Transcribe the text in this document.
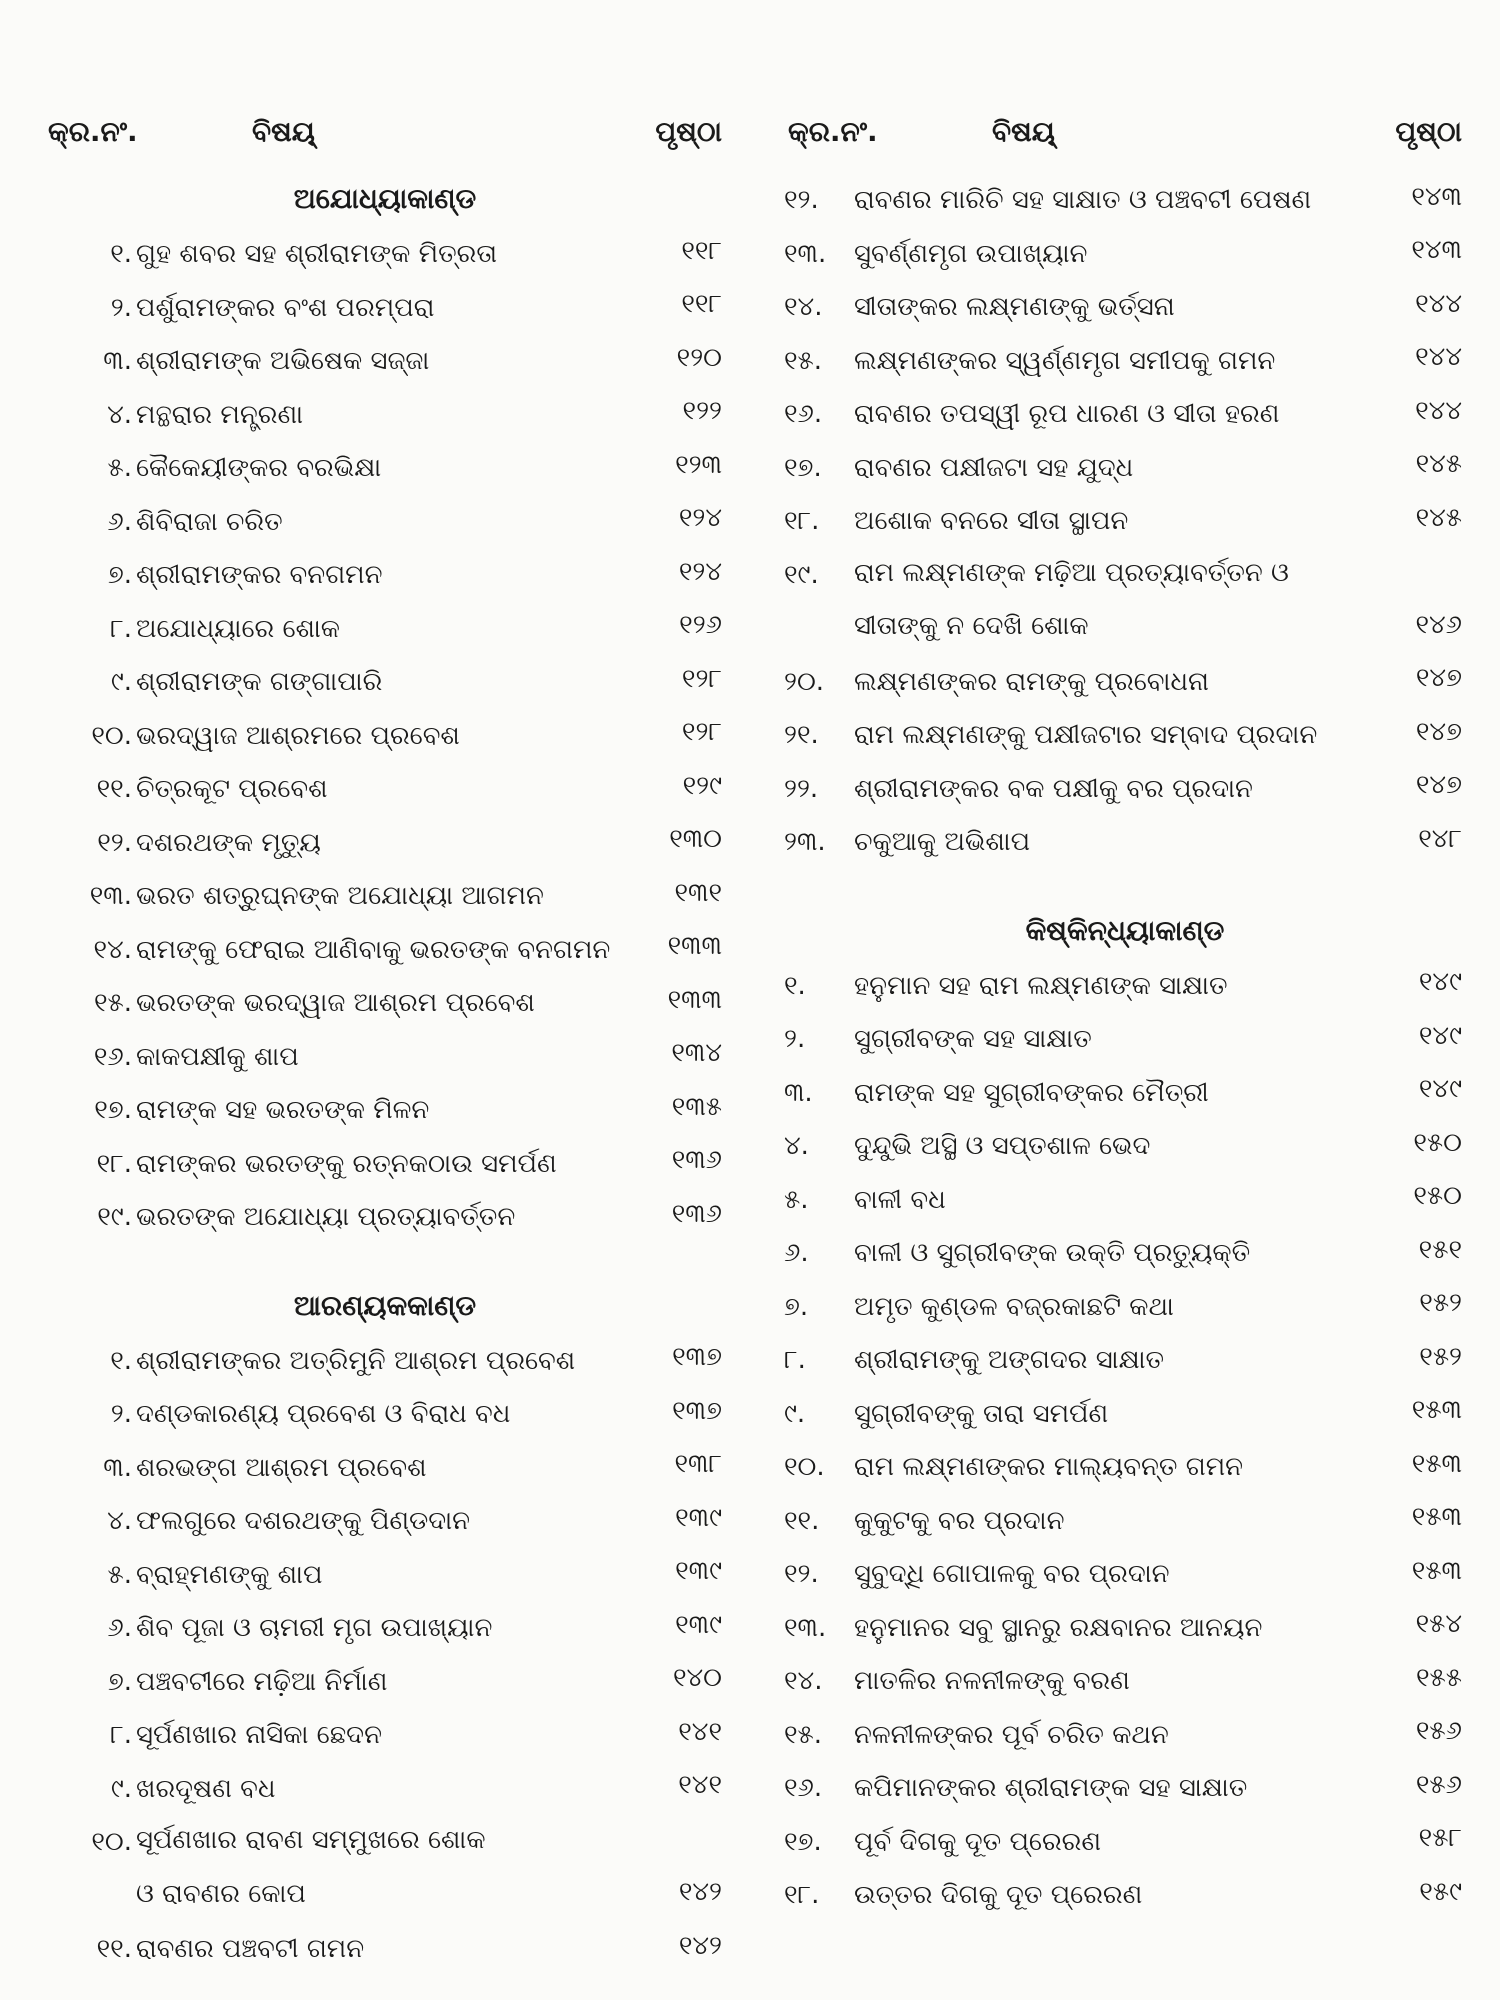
କ୍ର.ନଂ.	ବିଷୟ୍	ପୃଷ୍ଠା
ଅଯୋଧ୍ୟାକାଣ୍ଡ
୧. ଗୁହ ଶବର ସହ ଶ୍ରୀରାମଙ୍କ ମିତ୍ରତା	୧୧୮
୨. ପର୍ଶୁରାମଙ୍କର ବଂଶ ପରମ୍ପରା	୧୧୮
୩. ଶ୍ରୀରାମଙ୍କ ଅଭିଷେକ ସଜ୍ଜା	୧୨୦
୪. ମନ୍ଥରାର ମନ୍ତ୍ରଣା	୧୨୨
୫. କୈକେୟୀଙ୍କର ବରଭିକ୍ଷା	୧୨୩
୬. ଶିବିରାଜା ଚରିତ	୧୨୪
୭. ଶ୍ରୀରାମଙ୍କର ବନଗମନ	୧୨୪
୮. ଅଯୋଧ୍ୟାରେ ଶୋକ	୧୨୬
୯. ଶ୍ରୀରାମଙ୍କ ଗଙ୍ଗାପାରି	୧୨୮
୧୦. ଭରଦ୍ୱାଜ ଆଶ୍ରମରେ ପ୍ରବେଶ	୧୨୮
୧୧. ଚିତ୍ରକୂଟ ପ୍ରବେଶ	୧୨୯
୧୨. ଦଶରଥଙ୍କ ମୃତ୍ୟୁ	୧୩୦
୧୩. ଭରତ ଶତ୍ରୁଘ୍ନଙ୍କ ଅଯୋଧ୍ୟା ଆଗମନ	୧୩୧
୧୪. ରାମଙ୍କୁ ଫେରାଇ ଆଣିବାକୁ ଭରତଙ୍କ ବନଗମନ	୧୩୩
୧୫. ଭରତଙ୍କ ଭରଦ୍ୱାଜ ଆଶ୍ରମ ପ୍ରବେଶ	୧୩୩
୧୬. କାକପକ୍ଷୀକୁ ଶାପ	୧୩୪
୧୭. ରାମଙ୍କ ସହ ଭରତଙ୍କ ମିଳନ	୧୩୫
୧୮. ରାମଙ୍କର ଭରତଙ୍କୁ ରତ୍ନକଠାଉ ସମର୍ପଣ	୧୩୬
୧୯. ଭରତଙ୍କ ଅଯୋଧ୍ୟା ପ୍ରତ୍ୟାବର୍ତ୍ତନ	୧୩୬
ଆରଣ୍ୟକକାଣ୍ଡ
୧. ଶ୍ରୀରାମଙ୍କର ଅତ୍ରିମୁନି ଆଶ୍ରମ ପ୍ରବେଶ	୧୩୭
୨. ଦଣ୍ଡକାରଣ୍ୟ ପ୍ରବେଶ ଓ ବିରାଧ ବଧ	୧୩୭
୩. ଶରଭଙ୍ଗ ଆଶ୍ରମ ପ୍ରବେଶ	୧୩୮
୪. ଫଲଗୁରେ ଦଶରଥଙ୍କୁ ପିଣ୍ଡଦାନ	୧୩୯
୫. ବ୍ରାହ୍ମଣଙ୍କୁ ଶାପ	୧୩୯
୬. ଶିବ ପୂଜା ଓ ଚାମରୀ ମୃଗ ଉପାଖ୍ୟାନ	୧୩୯
୭. ପଞ୍ଚବଟୀରେ ମଢ଼ିଆ ନିର୍ମାଣ	୧୪୦
୮. ସୂର୍ପଣଖାର ନାସିକା ଛେଦନ	୧୪୧
୯. ଖରଦୂଷଣ ବଧ	୧୪୧
୧୦. ସୂର୍ପଣଖାର ରାବଣ ସମ୍ମୁଖରେ ଶୋକ
ଓ ରାବଣର କୋପ	୧୪୨
୧୧. ରାବଣର ପଞ୍ଚବଟୀ ଗମନ	୧୪୨
କ୍ର.ନଂ.	ବିଷୟ୍	ପୃଷ୍ଠା
୧୨.	ରାବଣର ମାରିଚି ସହ ସାକ୍ଷାତ ଓ ପଞ୍ଚବଟୀ ପେଷଣ	୧୪୩
୧୩.	ସୁବର୍ଣ୍ଣମୃଗ ଉପାଖ୍ୟାନ	୧୪୩
୧୪.	ସୀତାଙ୍କର ଲକ୍ଷ୍ମଣଙ୍କୁ ଭର୍ତ୍ସନା	୧୪୪
୧୫.	ଲକ୍ଷ୍ମଣଙ୍କର ସ୍ୱର୍ଣ୍ଣମୃଗ ସମୀପକୁ ଗମନ	୧୪୪
୧୬.	ରାବଣର ତପସ୍ୱୀ ରୂପ ଧାରଣ ଓ ସୀତା ହରଣ	୧୪୪
୧୭.	ରାବଣର ପକ୍ଷୀଜଟା ସହ ଯୁଦ୍ଧ	୧୪୫
୧୮.	ଅଶୋକ ବନରେ ସୀତା ସ୍ଥାପନ	୧୪୫
୧୯.	ରାମ ଲକ୍ଷ୍ମଣଙ୍କ ମଢ଼ିଆ ପ୍ରତ୍ୟାବର୍ତ୍ତନ ଓ
ସୀତାଙ୍କୁ ନ ଦେଖି ଶୋକ	୧୪୬
୨୦.	ଲକ୍ଷ୍ମଣଙ୍କର ରାମଙ୍କୁ ପ୍ରବୋଧନା	୧୪୭
୨୧.	ରାମ ଲକ୍ଷ୍ମଣଙ୍କୁ ପକ୍ଷୀଜଟାର ସମ୍ବାଦ ପ୍ରଦାନ	୧୪୭
୨୨.	ଶ୍ରୀରାମଙ୍କର ବକ ପକ୍ଷୀକୁ ବର ପ୍ରଦାନ	୧୪୭
୨୩.	ଚକୁଆକୁ ଅଭିଶାପ	୧୪୮
କିଷ୍କିନ୍ଧ୍ୟାକାଣ୍ଡ
୧.	ହନୁମାନ ସହ ରାମ ଲକ୍ଷ୍ମଣଙ୍କ ସାକ୍ଷାତ	୧୪୯
୨.	ସୁଗ୍ରୀବଙ୍କ ସହ ସାକ୍ଷାତ	୧୪୯
୩.	ରାମଙ୍କ ସହ ସୁଗ୍ରୀବଙ୍କର ମୈତ୍ରୀ	୧୪୯
୪.	ଦୁନ୍ଦୁଭି ଅସ୍ଥି ଓ ସପ୍ତଶାଳ ଭେଦ	୧୫୦
୫.	ବାଳୀ ବଧ	୧୫୦
୬.	ବାଳୀ ଓ ସୁଗ୍ରୀବଙ୍କ ଉକ୍ତି ପ୍ରତ୍ୟୁକ୍ତି	୧୫୧
୭.	ଅମୃତ କୁଣ୍ଡଳ ବଜ୍ରକାଛଟି କଥା	୧୫୨
୮.	ଶ୍ରୀରାମଙ୍କୁ ଅଙ୍ଗଦର ସାକ୍ଷାତ	୧୫୨
୯.	ସୁଗ୍ରୀବଙ୍କୁ ତାରା ସମର୍ପଣ	୧୫୩
୧୦.	ରାମ ଲକ୍ଷ୍ମଣଙ୍କର ମାଲ୍ୟବନ୍ତ ଗମନ	୧୫୩
୧୧.	କୁକୁଟକୁ ବର ପ୍ରଦାନ	୧୫୩
୧୨.	ସୁବୁଦ୍ଧି ଗୋପାଳକୁ ବର ପ୍ରଦାନ	୧୫୩
୧୩.	ହନୁମାନର ସବୁ ସ୍ଥାନରୁ ରକ୍ଷବାନର ଆନୟନ	୧୫୪
୧୪.	ମାତଳିର ନଳନୀଳଙ୍କୁ ବରଣ	୧୫୫
୧୫.	ନଳନୀଳଙ୍କର ପୂର୍ବ ଚରିତ କଥନ	୧୫୬
୧୬.	କପିମାନଙ୍କର ଶ୍ରୀରାମଙ୍କ ସହ ସାକ୍ଷାତ	୧୫୬
୧୭.	ପୂର୍ବ ଦିଗକୁ ଦୂତ ପ୍ରେରଣ	୧୫୮
୧୮.	ଉତ୍ତର ଦିଗକୁ ଦୂତ ପ୍ରେରଣ	୧୫୯
